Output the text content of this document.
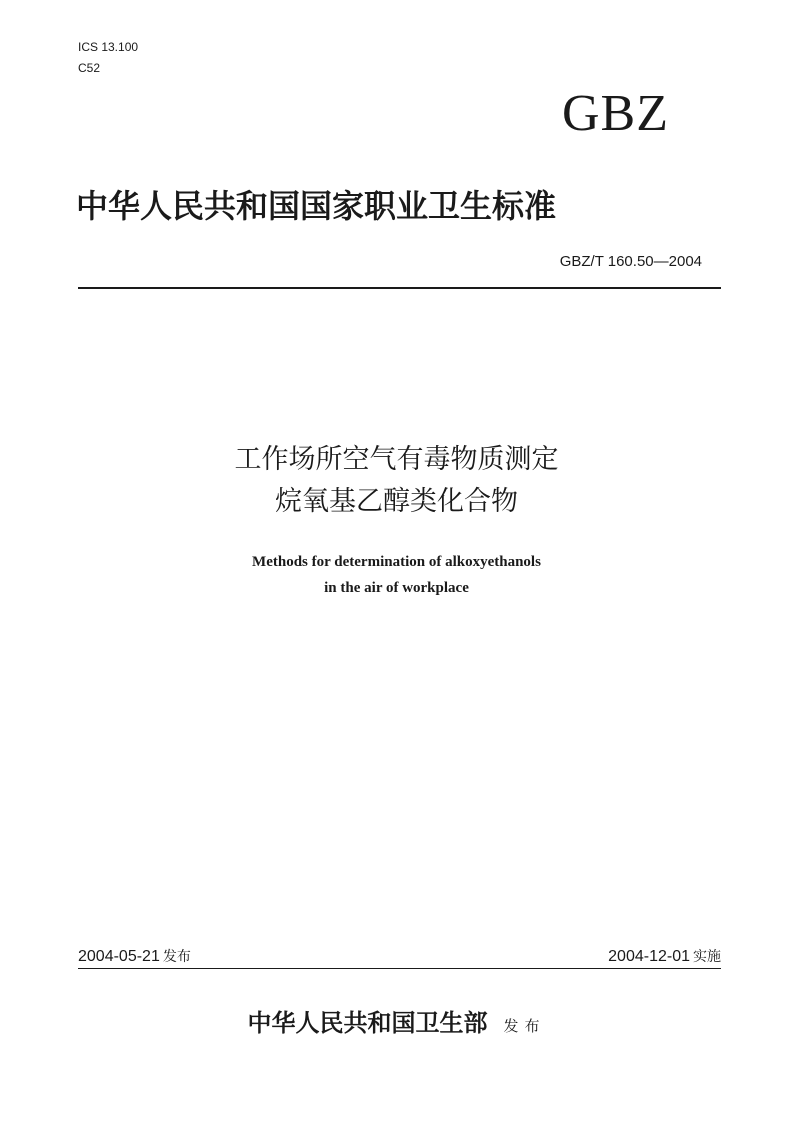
ICS 13.100
C52
GBZ
中华人民共和国国家职业卫生标准
GBZ/T 160.50—2004
工作场所空气有毒物质测定
烷氧基乙醇类化合物
Methods for determination of alkoxyethanols
in the air of workplace
2004-05-21 发布	2004-12-01 实施
中华人民共和国卫生部 发布
